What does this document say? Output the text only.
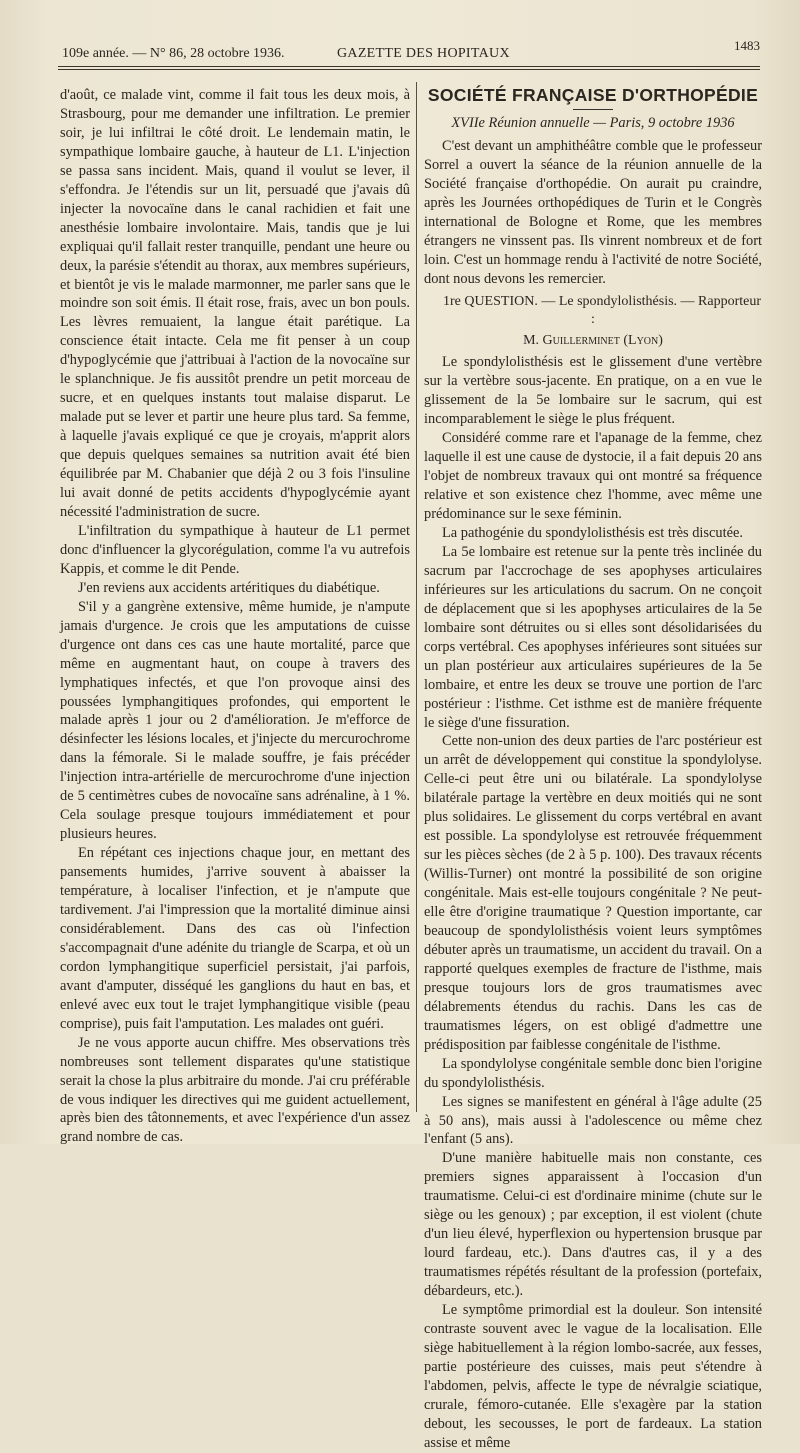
109e année. — N° 86, 28 octobre 1936.	GAZETTE DES HOPITAUX
1483

d'août, ce malade vint, comme il fait tous les deux mois, à Strasbourg, pour me demander une infiltration. Le premier soir, je lui infiltrai le côté droit. Le lendemain matin, le sympathique lombaire gauche, à hauteur de L1. L'injection se passa sans incident. Mais, quand il voulut se lever, il s'effondra. Je l'étendis sur un lit, persuadé que j'avais dû injecter la novocaïne dans le canal rachidien et fait une anesthésie lombaire involontaire. Mais, tandis que je lui expliquai qu'il fallait rester tranquille, pendant une heure ou deux, la parésie s'étendit au thorax, aux membres supérieurs, et bientôt je vis le malade marmonner, me parler sans que le moindre son soit émis. Il était rose, frais, avec un bon pouls. Les lèvres remuaient, la langue était parétique. La conscience était intacte. Cela me fit penser à un coup d'hypoglycémie que j'attribuai à l'action de la novocaïne sur le splanchnique. Je fis aussitôt prendre un petit morceau de sucre, et en quelques instants tout malaise disparut. Le malade put se lever et partir une heure plus tard. Sa femme, à laquelle j'avais expliqué ce que je croyais, m'apprit alors que depuis quelques semaines sa nutrition avait été bien équilibrée par M. Chabanier que déjà 2 ou 3 fois l'insuline lui avait donné de petits accidents d'hypoglycémie ayant nécessité l'administration de sucre.

L'infiltration du sympathique à hauteur de L1 permet donc d'influencer la glycorégulation, comme l'a vu autrefois Kappis, et comme le dit Pende.

J'en reviens aux accidents artéritiques du diabétique.

S'il y a gangrène extensive, même humide, je n'ampute jamais d'urgence. Je crois que les amputations de cuisse d'urgence ont dans ces cas une haute mortalité, parce que même en augmentant haut, on coupe à travers des lymphatiques infectés, et que l'on provoque ainsi des poussées lymphangitiques profondes, qui emportent le malade après 1 jour ou 2 d'amélioration. Je m'efforce de désinfecter les lésions locales, et j'injecte du mercurochrome dans la fémorale. Si le malade souffre, je fais précéder l'injection intra-artérielle de mercurochrome d'une injection de 5 centimètres cubes de novocaïne sans adrénaline, à 1 %. Cela soulage presque toujours immédiatement et pour plusieurs heures.

En répétant ces injections chaque jour, en mettant des pansements humides, j'arrive souvent à abaisser la température, à localiser l'infection, et je n'ampute que tardivement. J'ai l'impression que la mortalité diminue ainsi considérablement. Dans des cas où l'infection s'accompagnait d'une adénite du triangle de Scarpa, et où un cordon lymphangitique superficiel persistait, j'ai parfois, avant d'amputer, disséqué les ganglions du haut en bas, et enlevé avec eux tout le trajet lymphangitique visible (peau comprise), puis fait l'amputation. Les malades ont guéri.

Je ne vous apporte aucun chiffre. Mes observations très nombreuses sont tellement disparates qu'une statistique serait la chose la plus arbitraire du monde. J'ai cru préférable de vous indiquer les directives qui me guident actuellement, après bien des tâtonnements, et avec l'expérience d'un assez grand nombre de cas.

SOCIÉTÉ FRANÇAISE D'ORTHOPÉDIE
XVIIe Réunion annuelle — Paris, 9 octobre 1936

C'est devant un amphithéâtre comble que le professeur Sorrel a ouvert la séance de la réunion annuelle de la Société française d'orthopédie. On aurait pu craindre, après les Journées orthopédiques de Turin et le Congrès international de Bologne et Rome, que les membres étrangers ne vinssent pas. Ils vinrent nombreux et de fort loin. C'est un hommage rendu à l'activité de notre Société, dont nous devons les remercier.

1re QUESTION. — Le spondylolisthésis. — Rapporteur :
M. Guillerminet (Lyon)

Le spondylolisthésis est le glissement d'une vertèbre sur la vertèbre sous-jacente. En pratique, on a en vue le glissement de la 5e lombaire sur le sacrum, qui est incomparablement le siège le plus fréquent.

Considéré comme rare et l'apanage de la femme, chez laquelle il est une cause de dystocie, il a fait depuis 20 ans l'objet de nombreux travaux qui ont montré sa fréquence relative et son existence chez l'homme, avec même une prédominance sur le sexe féminin.

La pathogénie du spondylolisthésis est très discutée.

La 5e lombaire est retenue sur la pente très inclinée du sacrum par l'accrochage de ses apophyses articulaires inférieures sur les articulations du sacrum. On ne conçoit de déplacement que si les apophyses articulaires de la 5e lombaire sont détruites ou si elles sont désolidarisées du corps vertébral. Ces apophyses inférieures sont situées sur un plan postérieur aux articulaires supérieures de la 5e lombaire, et entre les deux se trouve une portion de l'arc postérieur : l'isthme. Cet isthme est de manière fréquente le siège d'une fissuration.

Cette non-union des deux parties de l'arc postérieur est un arrêt de développement qui constitue la spondylolyse. Celle-ci peut être uni ou bilatérale. La spondylolyse bilatérale partage la vertèbre en deux moitiés qui ne sont plus solidaires. Le glissement du corps vertébral en avant est possible. La spondylolyse est retrouvée fréquemment sur les pièces sèches (de 2 à 5 p. 100). Des travaux récents (Willis-Turner) ont montré la possibilité de son origine congénitale. Mais est-elle toujours congénitale ? Ne peut-elle être d'origine traumatique ? Question importante, car beaucoup de spondylolisthésis voient leurs symptômes débuter après un traumatisme, un accident du travail. On a rapporté quelques exemples de fracture de l'isthme, mais presque toujours lors de gros traumatismes avec délabrements étendus du rachis. Dans les cas de traumatismes légers, on est obligé d'admettre une prédisposition par faiblesse congénitale de l'isthme.

La spondylolyse congénitale semble donc bien l'origine du spondylolisthésis.

Les signes se manifestent en général à l'âge adulte (25 à 50 ans), mais aussi à l'adolescence ou même chez l'enfant (5 ans).

D'une manière habituelle mais non constante, ces premiers signes apparaissent à l'occasion d'un traumatisme. Celui-ci est d'ordinaire minime (chute sur le siège ou les genoux) ; par exception, il est violent (chute d'un lieu élevé, hyperflexion ou hypertension brusque par lourd fardeau, etc.). Dans d'autres cas, il y a des traumatismes répétés résultant de la profession (portefaix, débardeurs, etc.).

Le symptôme primordial est la douleur. Son intensité contraste souvent avec le vague de la localisation. Elle siège habituellement à la région lombo-sacrée, aux fesses, partie postérieure des cuisses, mais peut s'étendre à l'abdomen, pelvis, affecte le type de névralgie sciatique, crurale, fémoro-cutanée. Elle s'exagère par la station debout, les secousses, le port de fardeaux. La station assise et même
